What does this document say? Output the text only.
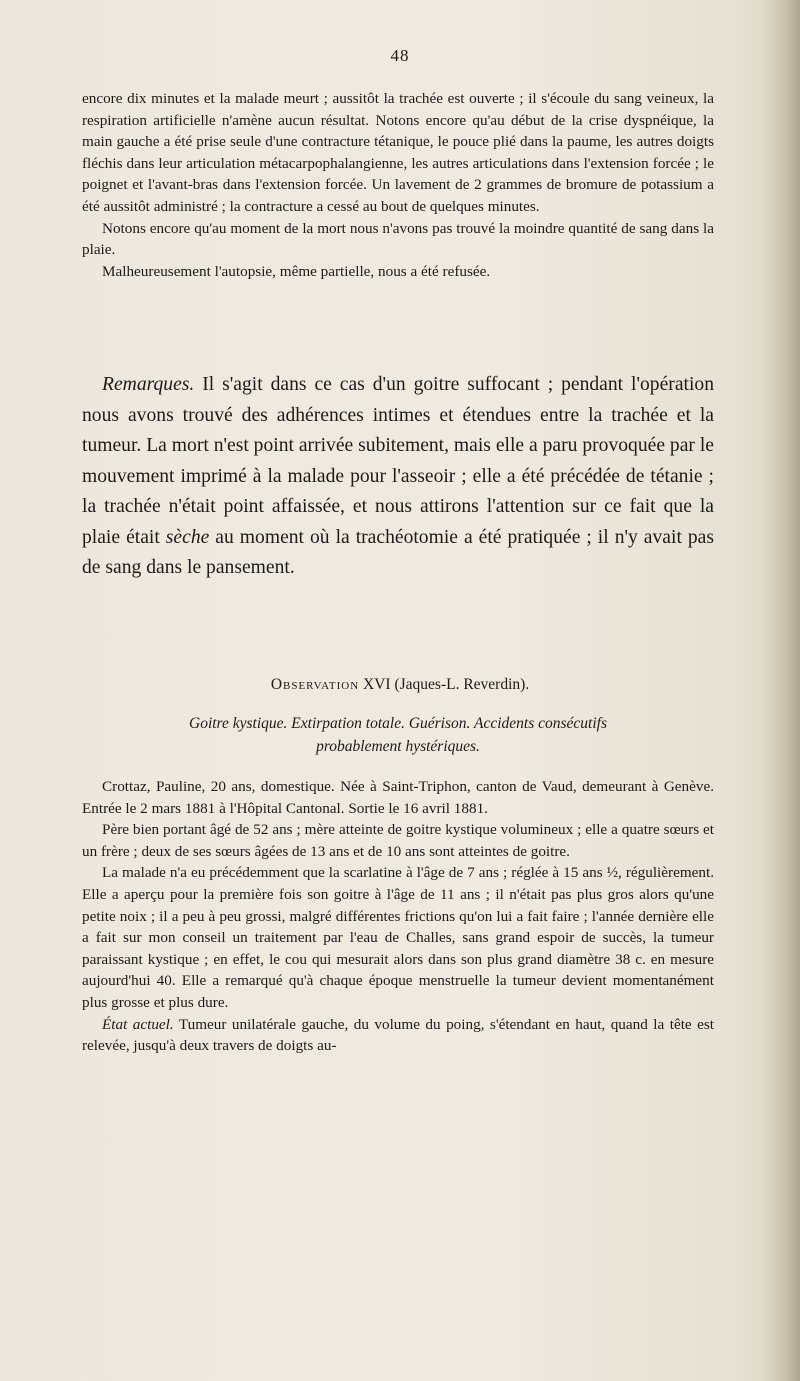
48

encore dix minutes et la malade meurt ; aussitôt la trachée est ouverte ; il s'écoule du sang veineux, la respiration artificielle n'amène aucun résultat. Notons encore qu'au début de la crise dyspnéique, la main gauche a été prise seule d'une contracture tétanique, le pouce plié dans la paume, les autres doigts fléchis dans leur articulation métacarpophalangienne, les autres articulations dans l'extension forcée ; le poignet et l'avant-bras dans l'extension forcée. Un lavement de 2 grammes de bromure de potassium a été aussitôt administré ; la contracture a cessé au bout de quelques minutes.

Notons encore qu'au moment de la mort nous n'avons pas trouvé la moindre quantité de sang dans la plaie.

Malheureusement l'autopsie, même partielle, nous a été refusée.

Remarques. Il s'agit dans ce cas d'un goitre suffocant ; pendant l'opération nous avons trouvé des adhérences intimes et étendues entre la trachée et la tumeur. La mort n'est point arrivée subitement, mais elle a paru provoquée par le mouvement imprimé à la malade pour l'asseoir ; elle a été précédée de tétanie ; la trachée n'était point affaissée, et nous attirons l'attention sur ce fait que la plaie était sèche au moment où la trachéotomie a été pratiquée ; il n'y avait pas de sang dans le pansement.

Observation XVI (Jaques-L. Reverdin).
Goitre kystique. Extirpation totale. Guérison. Accidents consécutifs
probablement hystériques.

Crottaz, Pauline, 20 ans, domestique. Née à Saint-Triphon, canton de Vaud, demeurant à Genève. Entrée le 2 mars 1881 à l'Hôpital Cantonal. Sortie le 16 avril 1881.

Père bien portant âgé de 52 ans ; mère atteinte de goitre kystique volumineux ; elle a quatre sœurs et un frère ; deux de ses sœurs âgées de 13 ans et de 10 ans sont atteintes de goitre.

La malade n'a eu précédemment que la scarlatine à l'âge de 7 ans ; réglée à 15 ans ½, régulièrement. Elle a aperçu pour la première fois son goitre à l'âge de 11 ans ; il n'était pas plus gros alors qu'une petite noix ; il a peu à peu grossi, malgré différentes frictions qu'on lui a fait faire ; l'année dernière elle a fait sur mon conseil un traitement par l'eau de Challes, sans grand espoir de succès, la tumeur paraissant kystique ; en effet, le cou qui mesurait alors dans son plus grand diamètre 38 c. en mesure aujourd'hui 40. Elle a remarqué qu'à chaque époque menstruelle la tumeur devient momentanément plus grosse et plus dure.

État actuel. Tumeur unilatérale gauche, du volume du poing, s'étendant en haut, quand la tête est relevée, jusqu'à deux travers de doigts au-
